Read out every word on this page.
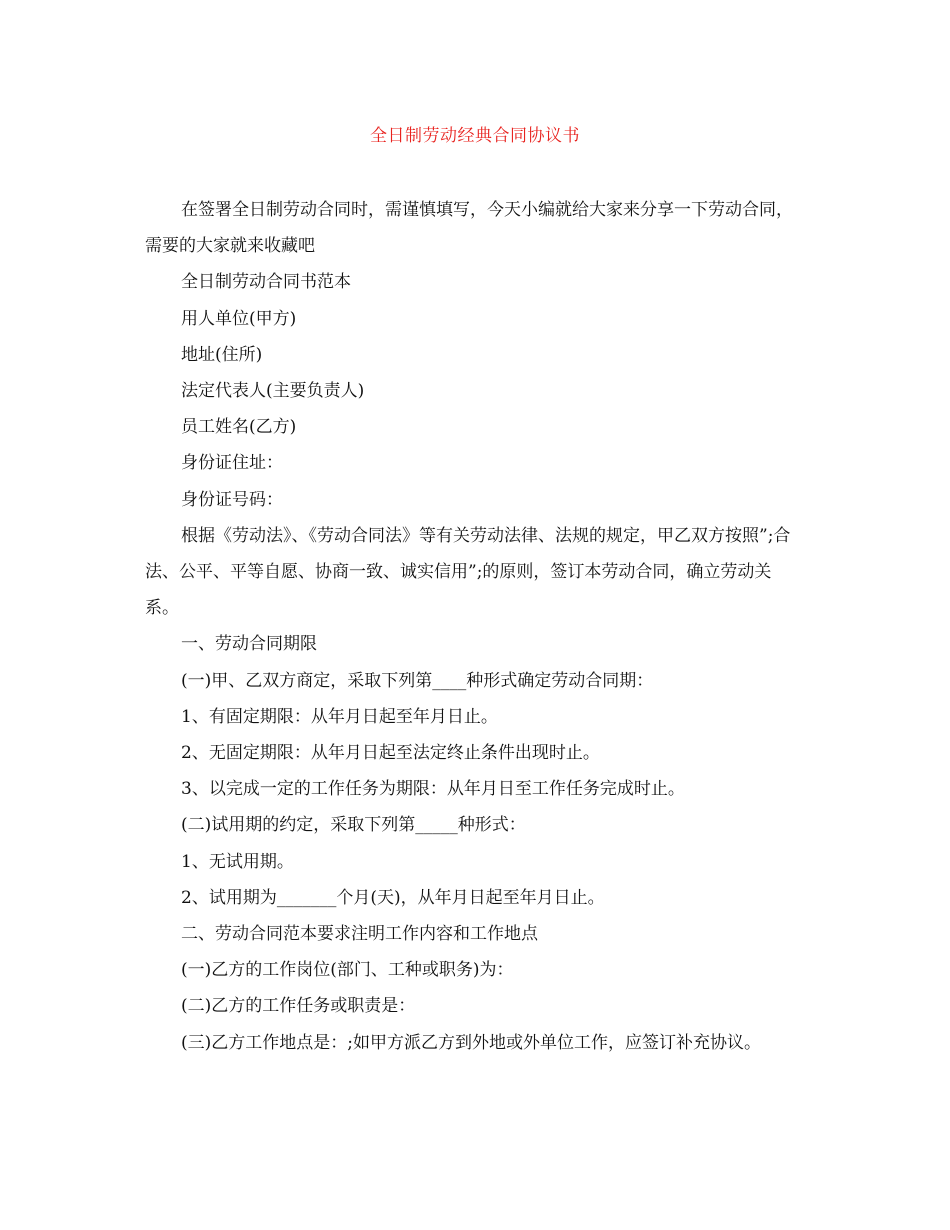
全日制劳动经典合同协议书

在签署全日制劳动合同时，需谨慎填写，今天小编就给大家来分享一下劳动合同，需要的大家就来收藏吧

全日制劳动合同书范本

用人单位(甲方)

地址(住所)

法定代表人(主要负责人)

员工姓名(乙方)

身份证住址：

身份证号码：

根据《劳动法》、《劳动合同法》等有关劳动法律、法规的规定，甲乙双方按照”;合法、公平、平等自愿、协商一致、诚实信用”;的原则，签订本劳动合同，确立劳动关系。

一、劳动合同期限

(一)甲、乙双方商定，采取下列第____种形式确定劳动合同期：

1、有固定期限：从年月日起至年月日止。

2、无固定期限：从年月日起至法定终止条件出现时止。

3、以完成一定的工作任务为期限：从年月日至工作任务完成时止。

(二)试用期的约定，采取下列第_____种形式：

1、无试用期。

2、试用期为_______个月(天)，从年月日起至年月日止。

二、劳动合同范本要求注明工作内容和工作地点

(一)乙方的工作岗位(部门、工种或职务)为：

(二)乙方的工作任务或职责是：

(三)乙方工作地点是：;如甲方派乙方到外地或外单位工作，应签订补充协议。
